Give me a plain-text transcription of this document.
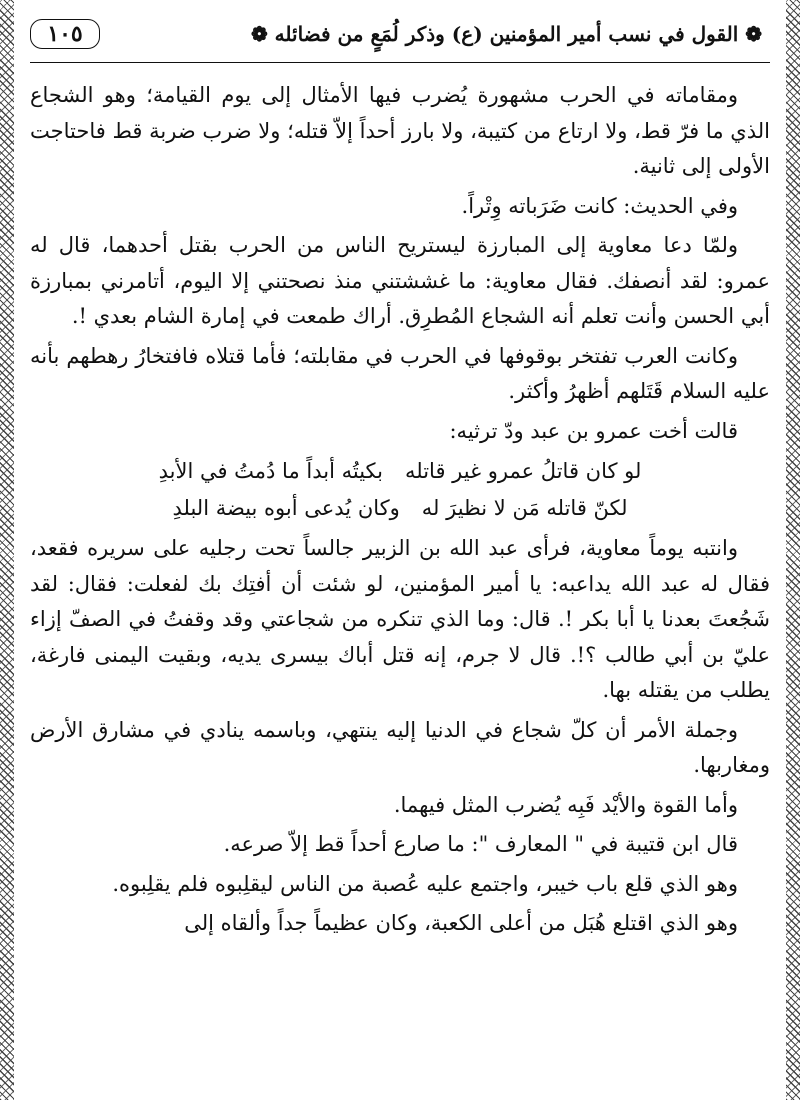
١٠٥	❁ القول في نسب أمير المؤمنين (ع) وذكر لُمَعٍ من فضائله ❁

ومقاماته في الحرب مشهورة يُضرب فيها الأمثال إلى يوم القيامة؛ وهو الشجاع الذي ما فرّ قط، ولا ارتاع من كتيبة، ولا بارز أحداً إلاّ قتله؛ ولا ضرب ضربة قط فاحتاجت الأولى إلى ثانية.

وفي الحديث: كانت ضَرَباته وِتْراً.

ولمّا دعا معاوية إلى المبارزة ليستريح الناس من الحرب بقتل أحدهما، قال له عمرو: لقد أنصفك. فقال معاوية: ما غششتني منذ نصحتني إلا اليوم، أتامرني بمبارزة أبي الحسن وأنت تعلم أنه الشجاع المُطرِق. أراك طمعت في إمارة الشام بعدي !.

وكانت العرب تفتخر بوقوفها في الحرب في مقابلته؛ فأما قتلاه فافتخارُ رهطهم بأنه عليه السلام قَتَلهم أظهرُ وأكثر.

قالت أخت عمرو بن عبد ودّ ترثيه:

لو كان قاتلُ عمرو غير قاتله
بكيتُه أبداً ما دُمتُ في الأبدِ
لكنّ قاتله مَن لا نظيرَ له
وكان يُدعى أبوه بيضة البلدِ

وانتبه يوماً معاوية، فرأى عبد الله بن الزبير جالساً تحت رجليه على سريره فقعد، فقال له عبد الله يداعبه: يا أمير المؤمنين، لو شئت أن أفتِك بك لفعلت: فقال: لقد شَجُعتَ بعدنا يا أبا بكر !. قال: وما الذي تنكره من شجاعتي وقد وقفتُ في الصفّ إزاء عليّ بن أبي طالب ؟!. قال لا جرم، إنه قتل أباك بيسرى يديه، وبقيت اليمنى فارغة، يطلب من يقتله بها.

وجملة الأمر أن كلّ شجاع في الدنيا إليه ينتهي، وباسمه ينادي في مشارق الأرض ومغاربها.

وأما القوة والأيْد فَبِه يُضرب المثل فيهما.

قال ابن قتيبة في " المعارف ": ما صارع أحداً قط إلاّ صرعه.

وهو الذي قلع باب خيبر، واجتمع عليه عُصبة من الناس ليقلِبوه فلم يقلِبوه.

وهو الذي اقتلع هُبَل من أعلى الكعبة، وكان عظيماً جداً وألقاه إلى
